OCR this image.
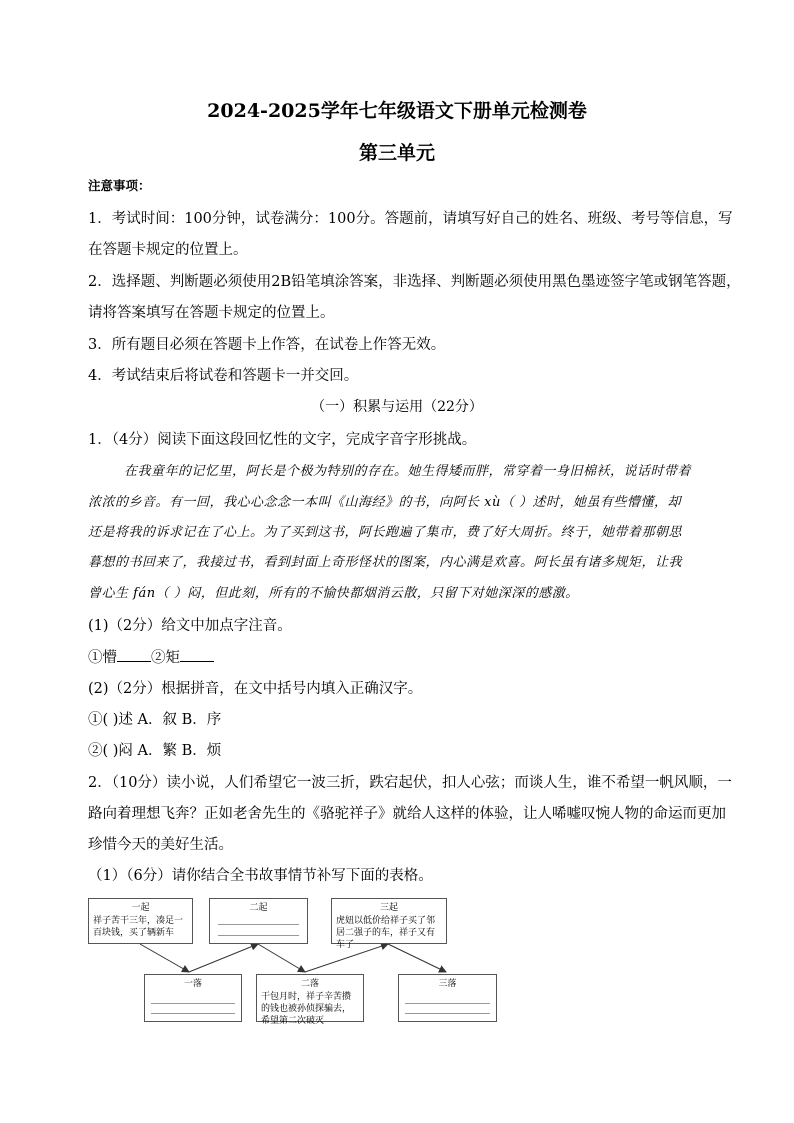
2024-2025学年七年级语文下册单元检测卷
第三单元
注意事项：
1．考试时间：100分钟，试卷满分：100分。答题前，请填写好自己的姓名、班级、考号等信息，写
在答题卡规定的位置上。
2．选择题、判断题必须使用2B铅笔填涂答案，非选择、判断题必须使用黑色墨迹签字笔或钢笔答题，
请将答案填写在答题卡规定的位置上。
3．所有题目必须在答题卡上作答，在试卷上作答无效。
4．考试结束后将试卷和答题卡一并交回。
（一）积累与运用（22分）
1．（4分）阅读下面这段回忆性的文字，完成字音字形挑战。
在我童年的记忆里，阿长是个极为特别的存在。她生得矮而胖，常穿着一身旧棉袄，说话时带着
浓浓的乡音。有一回，我心心念念一本叫《山海经》的书，向阿长 xù（ ）述时，她虽有些懵懂，却
还是将我的诉求记在了心上。为了买到这书，阿长跑遍了集市，费了好大周折。终于，她带着那朝思
暮想的书回来了，我接过书，看到封面上奇形怪状的图案，内心满是欢喜。阿长虽有诸多规矩，让我
曾心生 fán（ ）闷，但此刻，所有的不愉快都烟消云散，只留下对她深深的感激。
(1)（2分）给文中加点字注音。
①懵 ②矩
(2)（2分）根据拼音，在文中括号内填入正确汉字。
①( )述 A．叙 B．序
②( )闷 A．繁 B．烦
2．（10分）读小说，人们希望它一波三折，跌宕起伏，扣人心弦；而谈人生，谁不希望一帆风顺，一
路向着理想飞奔？正如老舍先生的《骆驼祥子》就给人这样的体验，让人唏嘘叹惋人物的命运而更加
珍惜今天的美好生活。
（1）（6分）请你结合全书故事情节补写下面的表格。
一起
祥子苦干三年，凑足一百块钱，买了辆新车
二起	三起
虎妞以低价给祥子买了邻居二强子的车，祥子又有车了
一落	二落
干包月时，祥子辛苦攒的钱也被孙侦探骗去，希望第二次破灭
三落
